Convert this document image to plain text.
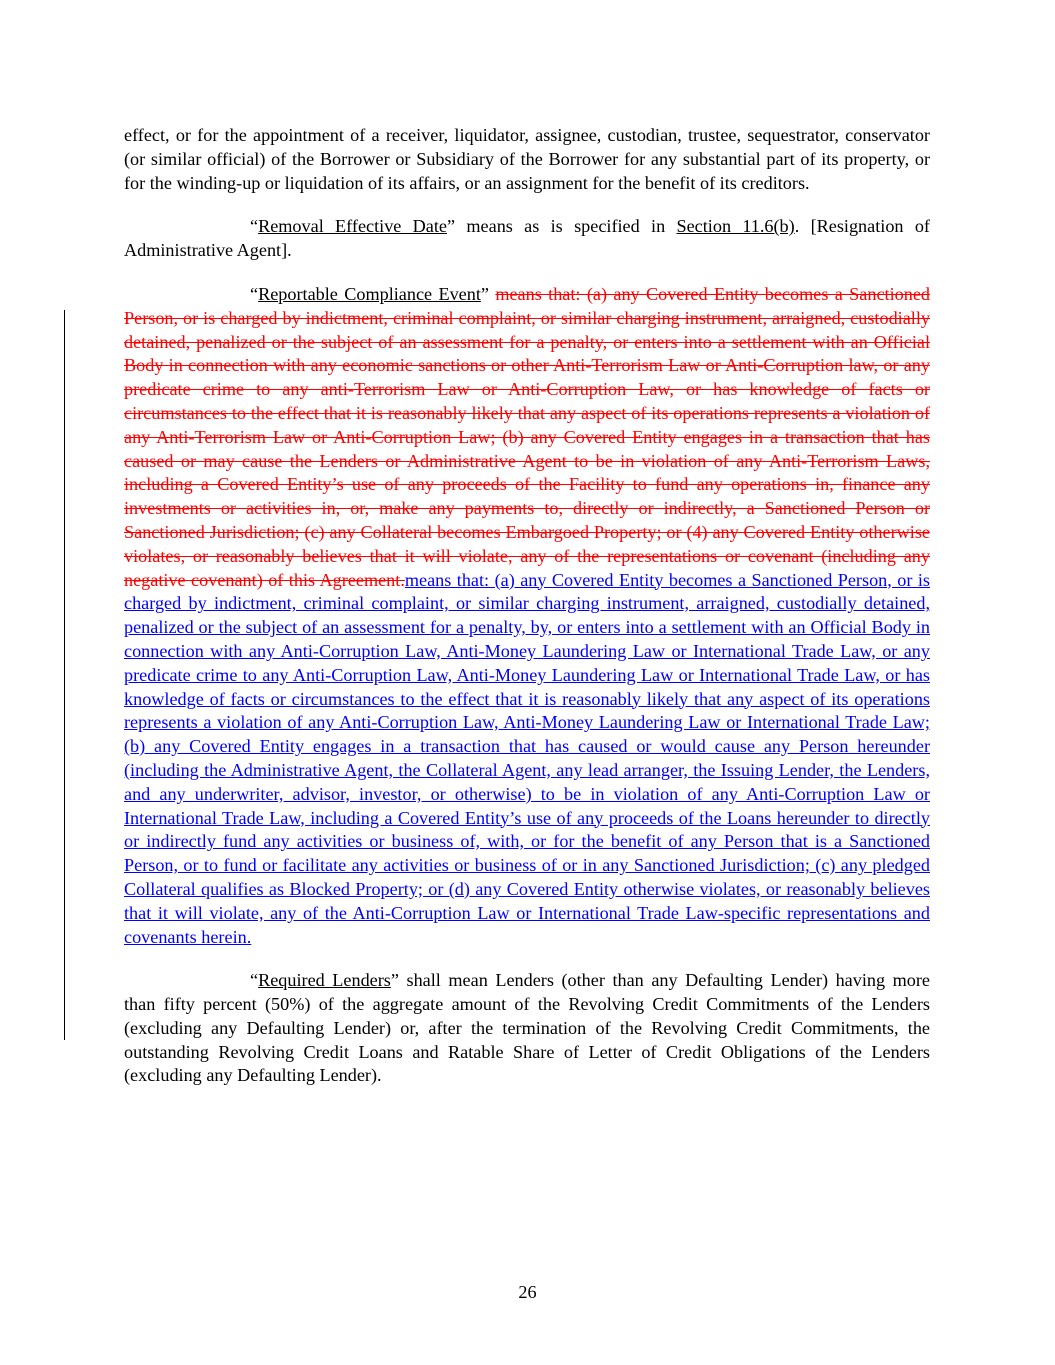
effect, or for the appointment of a receiver, liquidator, assignee, custodian, trustee, sequestrator, conservator (or similar official) of the Borrower or Subsidiary of the Borrower for any substantial part of its property, or for the winding-up or liquidation of its affairs, or an assignment for the benefit of its creditors.

“Removal Effective Date” means as is specified in Section 11.6(b). [Resignation of Administrative Agent].

“Reportable Compliance Event” means that: (a) any Covered Entity becomes a Sanctioned Person, or is charged by indictment, criminal complaint, or similar charging instrument, arraigned, custodially detained, penalized or the subject of an assessment for a penalty, or enters into a settlement with an Official Body in connection with any economic sanctions or other Anti-Terrorism Law or Anti-Corruption law, or any predicate crime to any anti-Terrorism Law or Anti-Corruption Law, or has knowledge of facts or circumstances to the effect that it is reasonably likely that any aspect of its operations represents a violation of any Anti-Terrorism Law or Anti-Corruption Law; (b) any Covered Entity engages in a transaction that has caused or may cause the Lenders or Administrative Agent to be in violation of any Anti-Terrorism Laws, including a Covered Entity’s use of any proceeds of the Facility to fund any operations in, finance any investments or activities in, or, make any payments to, directly or indirectly, a Sanctioned Person or Sanctioned Jurisdiction; (c) any Collateral becomes Embargoed Property; or (4) any Covered Entity otherwise violates, or reasonably believes that it will violate, any of the representations or covenant (including any negative covenant) of this Agreement.means that: (a) any Covered Entity becomes a Sanctioned Person, or is charged by indictment, criminal complaint, or similar charging instrument, arraigned, custodially detained, penalized or the subject of an assessment for a penalty, by, or enters into a settlement with an Official Body in connection with any Anti-Corruption Law, Anti-Money Laundering Law or International Trade Law, or any predicate crime to any Anti-Corruption Law, Anti-Money Laundering Law or International Trade Law, or has knowledge of facts or circumstances to the effect that it is reasonably likely that any aspect of its operations represents a violation of any Anti-Corruption Law, Anti-Money Laundering Law or International Trade Law; (b) any Covered Entity engages in a transaction that has caused or would cause any Person hereunder (including the Administrative Agent, the Collateral Agent, any lead arranger, the Issuing Lender, the Lenders, and any underwriter, advisor, investor, or otherwise) to be in violation of any Anti-Corruption Law or International Trade Law, including a Covered Entity’s use of any proceeds of the Loans hereunder to directly or indirectly fund any activities or business of, with, or for the benefit of any Person that is a Sanctioned Person, or to fund or facilitate any activities or business of or in any Sanctioned Jurisdiction; (c) any pledged Collateral qualifies as Blocked Property; or (d) any Covered Entity otherwise violates, or reasonably believes that it will violate, any of the Anti-Corruption Law or International Trade Law-specific representations and covenants herein.

“Required Lenders” shall mean Lenders (other than any Defaulting Lender) having more than fifty percent (50%) of the aggregate amount of the Revolving Credit Commitments of the Lenders (excluding any Defaulting Lender) or, after the termination of the Revolving Credit Commitments, the outstanding Revolving Credit Loans and Ratable Share of Letter of Credit Obligations of the Lenders (excluding any Defaulting Lender).

26
